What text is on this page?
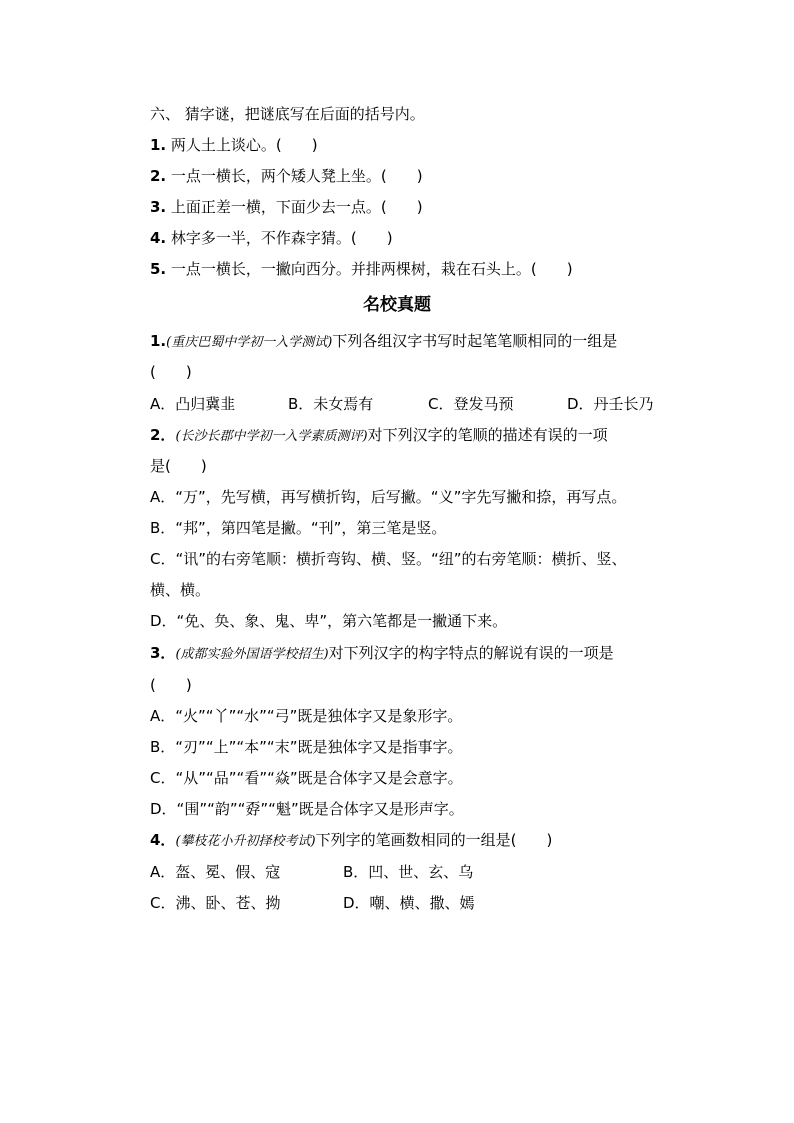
六、 猜字谜，把谜底写在后面的括号内。
1. 两人土上谈心。(　　)
2. 一点一横长，两个矮人凳上坐。(　　)
3. 上面正差一横，下面少去一点。(　　)
4. 林字多一半，不作森字猜。(　　)
5. 一点一横长，一撇向西分。并排两棵树，栽在石头上。(　　)
名校真题
1.(重庆巴蜀中学初一入学测试)下列各组汉字书写时起笔笔顺相同的一组是
(　　)
A．凸归冀韭	B．未女焉有	C．登发马预	D．丹壬长乃
2．(长沙长郡中学初一入学素质测评)对下列汉字的笔顺的描述有误的一项
是(　　)
A．“万”，先写横，再写横折钩，后写撇。“义”字先写撇和捺，再写点。
B．“邦”，第四笔是撇。“刊”，第三笔是竖。
C．“讯”的右旁笔顺：横折弯钩、横、竖。“纽”的右旁笔顺：横折、竖、
横、横。
D．“免、奂、象、鬼、卑”，第六笔都是一撇通下来。
3．(成都实验外国语学校招生)对下列汉字的构字特点的解说有误的一项是
(　　)
A．“火”“丫”“水”“弓”既是独体字又是象形字。
B．“刃”“上”“本”“末”既是独体字又是指事字。
C．“从”“品”“看”“焱”既是合体字又是会意字。
D．“围”“韵”“孬”“魁”既是合体字又是形声字。
4．(攀枝花小升初择校考试)下列字的笔画数相同的一组是(　　)
A．盔、冕、假、寇	B．凹、世、玄、乌
C．沸、卧、苍、拗	D．嘲、横、撒、嫣
